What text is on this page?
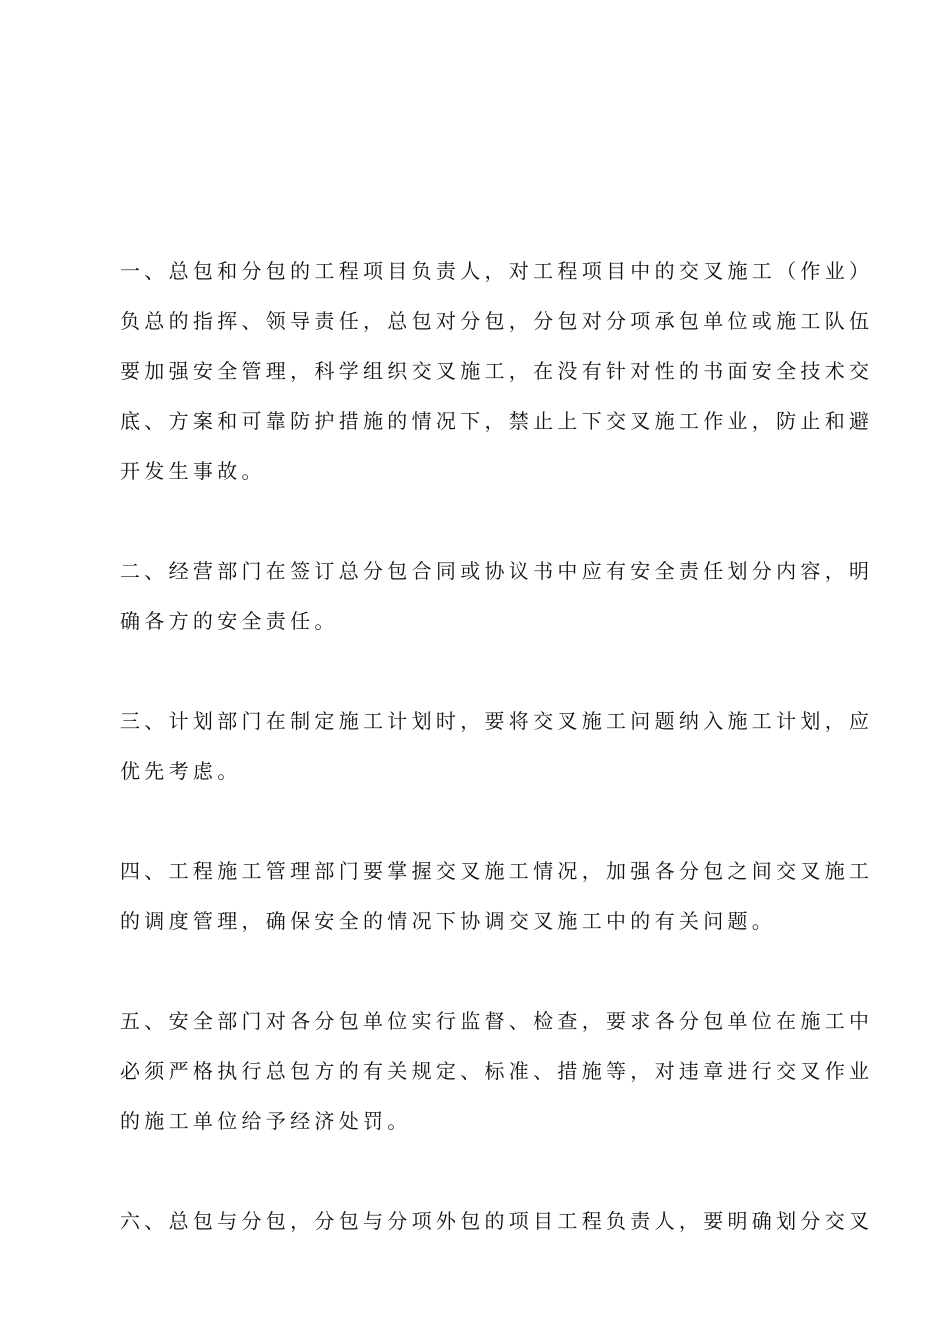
一、总包和分包的工程项目负责人，对工程项目中的交叉施工（作业）
负总的指挥、领导责任，总包对分包，分包对分项承包单位或施工队伍
要加强安全管理，科学组织交叉施工，在没有针对性的书面安全技术交
底、方案和可靠防护措施的情况下，禁止上下交叉施工作业，防止和避
开发生事故。
二、经营部门在签订总分包合同或协议书中应有安全责任划分内容，明
确各方的安全责任。
三、计划部门在制定施工计划时，要将交叉施工问题纳入施工计划，应
优先考虑。
四、工程施工管理部门要掌握交叉施工情况，加强各分包之间交叉施工
的调度管理，确保安全的情况下协调交叉施工中的有关问题。
五、安全部门对各分包单位实行监督、检查，要求各分包单位在施工中
必须严格执行总包方的有关规定、标准、措施等，对违章进行交叉作业
的施工单位给予经济处罚。
六、总包与分包，分包与分项外包的项目工程负责人，要明确划分交叉
